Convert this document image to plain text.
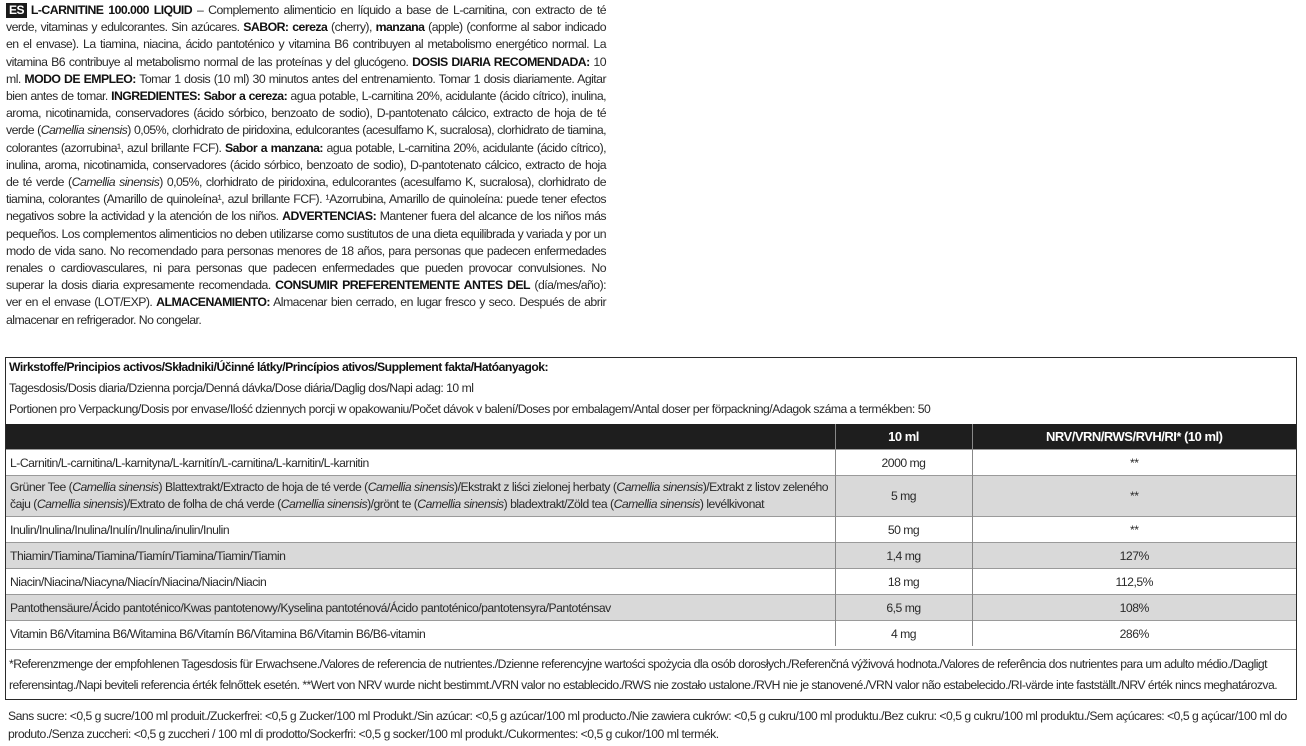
ES L-CARNITINE 100.000 LIQUID – Complemento alimenticio en líquido a base de L-carnitina, con extracto de té verde, vitaminas y edulcorantes. Sin azúcares. SABOR: cereza (cherry), manzana (apple) (conforme al sabor indicado en el envase). La tiamina, niacina, ácido pantoténico y vitamina B6 contribuyen al metabolismo energético normal. La vitamina B6 contribuye al metabolismo normal de las proteínas y del glucógeno. DOSIS DIARIA RECOMENDADA: 10 ml. MODO DE EMPLEO: Tomar 1 dosis (10 ml) 30 minutos antes del entrenamiento. Tomar 1 dosis diariamente. Agitar bien antes de tomar. INGREDIENTES: Sabor a cereza: agua potable, L-carnitina 20%, acidulante (ácido cítrico), inulina, aroma, nicotinamida, conservadores (ácido sórbico, benzoato de sodio), D-pantotenato cálcico, extracto de hoja de té verde (Camellia sinensis) 0,05%, clorhidrato de piridoxina, edulcorantes (acesulfamo K, sucralosa), clorhidrato de tiamina, colorantes (azorrubina¹, azul brillante FCF). Sabor a manzana: agua potable, L-carnitina 20%, acidulante (ácido cítrico), inulina, aroma, nicotinamida, conservadores (ácido sórbico, benzoato de sodio), D-pantotenato cálcico, extracto de hoja de té verde (Camellia sinensis) 0,05%, clorhidrato de piridoxina, edulcorantes (acesulfamo K, sucralosa), clorhidrato de tiamina, colorantes (Amarillo de quinoleína¹, azul brillante FCF). ¹Azorrubina, Amarillo de quinoleína: puede tener efectos negativos sobre la actividad y la atención de los niños. ADVERTENCIAS: Mantener fuera del alcance de los niños más pequeños. Los complementos alimenticios no deben utilizarse como sustitutos de una dieta equilibrada y variada y por un modo de vida sano. No recomendado para personas menores de 18 años, para personas que padecen enfermedades renales o cardiovasculares, ni para personas que padecen enfermedades que pueden provocar convulsiones. No superar la dosis diaria expresamente recomendada. CONSUMIR PREFERENTEMENTE ANTES DEL (día/mes/año): ver en el envase (LOT/EXP). ALMACENAMIENTO: Almacenar bien cerrado, en lugar fresco y seco. Después de abrir almacenar en refrigerador. No congelar.
Wirkstoffe/Principios activos/Składniki/Účinné látky/Princípios ativos/Supplement fakta/Hatóanyagok:
Tagesdosis/Dosis diaria/Dzienna porcja/Denná dávka/Dose diária/Daglig dos/Napi adag: 10 ml
Portionen pro Verpackung/Dosis por envase/Ilość dziennych porcji w opakowaniu/Počet dávok v balení/Doses por embalagem/Antal doser per förpackning/Adagok száma a termékben: 50
	10 ml	NRV/VRN/RWS/RVH/RI* (10 ml)
L-Carnitin/L-carnitina/L-karnityna/L-karnitín/L-carnitina/L-karnitin/L-karnitin	2000 mg	**
Grüner Tee (Camellia sinensis) Blattextrakt/Extracto de hoja de té verde (Camellia sinensis)/Ekstrakt z liści zielonej herbaty (Camellia sinensis)/Extrakt z listov zeleného čaju (Camellia sinensis)/Extrato de folha de chá verde (Camellia sinensis)/grönt te (Camellia sinensis) bladextrakt/Zöld tea (Camellia sinensis) levélkivonat	5 mg	**
Inulin/Inulina/Inulina/Inulín/Inulina/inulin/Inulin	50 mg	**
Thiamin/Tiamina/Tiamina/Tiamín/Tiamina/Tiamin/Tiamin	1,4 mg	127%
Niacin/Niacina/Niacyna/Niacín/Niacina/Niacin/Niacin	18 mg	112,5%
Pantothensäure/Ácido pantoténico/Kwas pantotenowy/Kyselina pantoténová/Ácido pantoténico/pantotensyra/Pantoténsav	6,5 mg	108%
Vitamin B6/Vitamina B6/Witamina B6/Vitamín B6/Vitamina B6/Vitamin B6/B6-vitamin	4 mg	286%
*Referenzmenge der empfohlenen Tagesdosis für Erwachsene./Valores de referencia de nutrientes./Dzienne referencyjne wartości spożycia dla osób dorosłych./Referenčná výživová hodnota./Valores de referência dos nutrientes para um adulto médio./Dagligt referensintag./Napi beviteli referencia érték felnőttek esetén. **Wert von NRV wurde nicht bestimmt./VRN valor no establecido./RWS nie zostało ustalone./RVH nie je stanovené./VRN valor não estabelecido./RI-värde inte fastställt./NRV érték nincs meghatározva.
Sans sucre: <0,5 g sucre/100 ml produit./Zuckerfrei: <0,5 g Zucker/100 ml Produkt./Sin azúcar: <0,5 g azúcar/100 ml producto./Nie zawiera cukrów: <0,5 g cukru/100 ml produktu./Bez cukru: <0,5 g cukru/100 ml produktu./Sem açúcares: <0,5 g açúcar/100 ml do produto./Senza zuccheri: <0,5 g zuccheri / 100 ml di prodotto/Sockerfri: <0,5 g socker/100 ml produkt./Cukormentes: <0,5 g cukor/100 ml termék.
